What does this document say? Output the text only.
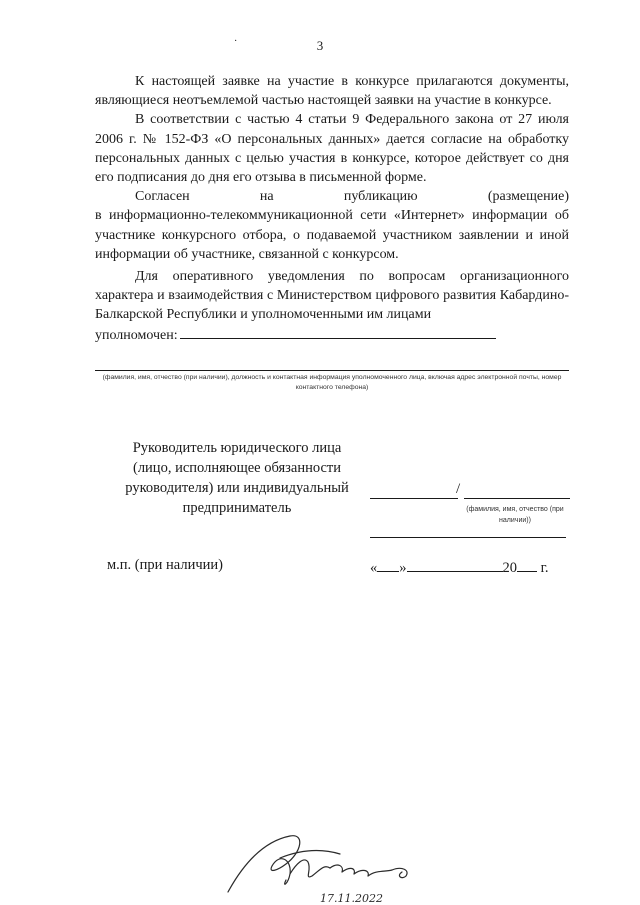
3
·

К настоящей заявке на участие в конкурсе прилагаются документы, являющиеся неотъемлемой частью настоящей заявки на участие в конкурсе.

В соответствии с частью 4 статьи 9 Федерального закона от 27 июля 2006 г. № 152-ФЗ «О персональных данных» дается согласие на обработку персональных данных с целью участия в конкурсе, которое действует со дня его подписания до дня его отзыва в письменной форме.

Согласен	на	публикацию	(размещение)
в информационно-телекоммуникационной сети «Интернет» информации об участнике конкурсного отбора, о подаваемой участником заявлении и иной информации об участнике, связанной с конкурсом.

Для оперативного уведомления по вопросам организационного характера и взаимодействия с Министерством цифрового развития Кабардино-Балкарской Республики и уполномоченными им лицами

уполномочен:

(фамилия, имя, отчество (при наличии), должность и контактная информация уполномоченного лица, включая адрес электронной почты, номер контактного телефона)
Руководитель юридического лица
(лицо, исполняющее обязанности
руководителя) или индивидуальный
предприниматель
/
(фамилия, имя, отчество (при наличии))
м.п. (при наличии)	« »	20 г.
17.11.2022
